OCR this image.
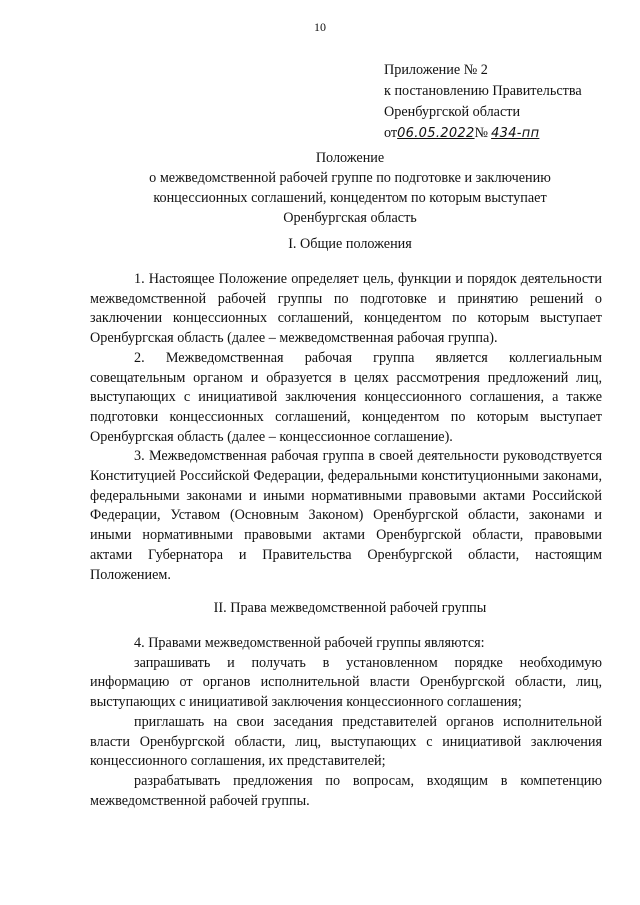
10
Приложение № 2
к постановлению Правительства
Оренбургской области
от06.05.2022№ 434-пп
Положение
о межведомственной рабочей группе по подготовке и заключению
концессионных соглашений, концедентом по которым выступает
Оренбургская область
I. Общие положения

1. Настоящее Положение определяет цель, функции и порядок деятельности межведомственной рабочей группы по подготовке и принятию решений о заключении концессионных соглашений, концедентом по которым выступает Оренбургская область (далее – межведомственная рабочая группа).

2. Межведомственная рабочая группа является коллегиальным совещательным органом и образуется в целях рассмотрения предложений лиц, выступающих с инициативой заключения концессионного соглашения, а также подготовки концессионных соглашений, концедентом по которым выступает Оренбургская область (далее – концессионное соглашение).

3. Межведомственная рабочая группа в своей деятельности руководствуется Конституцией Российской Федерации, федеральными конституционными законами, федеральными законами и иными нормативными правовыми актами Российской Федерации, Уставом (Основным Законом) Оренбургской области, законами и иными нормативными правовыми актами Оренбургской области, правовыми актами Губернатора и Правительства Оренбургской области, настоящим Положением.

II. Права межведомственной рабочей группы

4. Правами межведомственной рабочей группы являются:

запрашивать и получать в установленном порядке необходимую информацию от органов исполнительной власти Оренбургской области, лиц, выступающих с инициативой заключения концессионного соглашения;

приглашать на свои заседания представителей органов исполнительной власти Оренбургской области, лиц, выступающих с инициативой заключения концессионного соглашения, их представителей;

разрабатывать предложения по вопросам, входящим в компетенцию межведомственной рабочей группы.
